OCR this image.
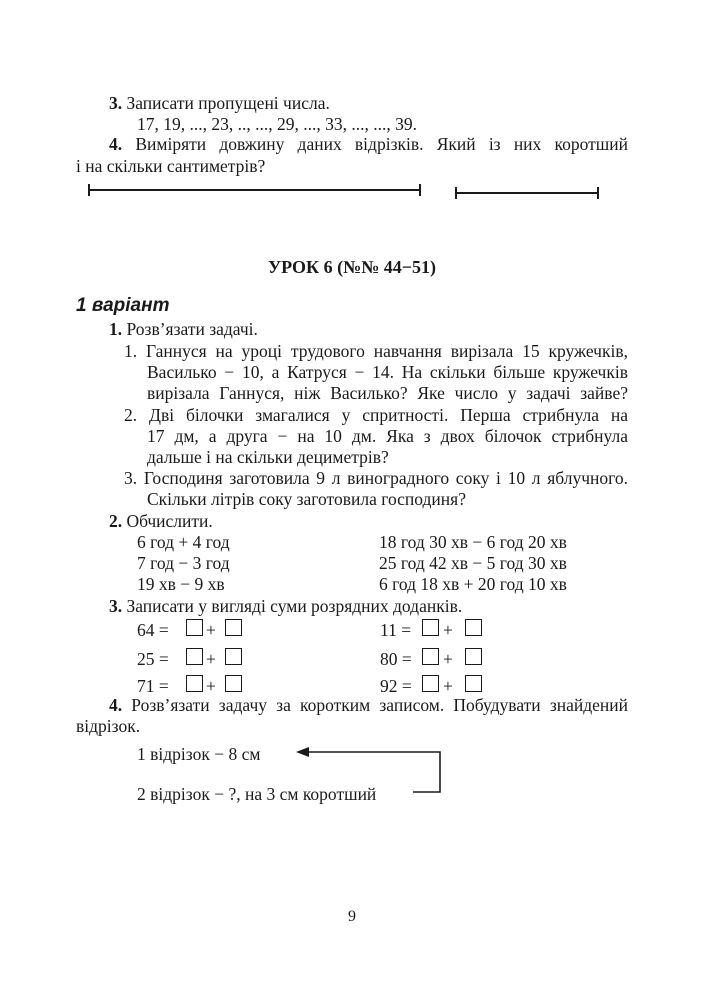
3. Записати пропущені числа.
17, 19, ..., 23, .., ..., 29, ..., 33, ..., ..., 39.
4. Виміряти довжину даних відрізків. Який із них коротший
і на скільки сантиметрів?
УРОК 6 (№№ 44−51)
1 варіант
1. Розв’язати задачі.
1. Ганнуся на уроці трудового навчання вирізала 15 кружечків,
Василько − 10, а Катруся − 14. На скільки більше кружечків
вирізала Ганнуся, ніж Василько? Яке число у задачі зайве?
2. Дві білочки змагалися у спритності. Перша стрибнула на
17 дм, а друга − на 10 дм. Яка з двох білочок стрибнула
дальше і на скільки дециметрів?
3. Господиня заготовила 9 л виноградного соку і 10 л яблучного.
Скільки літрів соку заготовила господиня?
2. Обчислити.
6 год + 4 год
7 год − 3 год
19 хв − 9 хв
18 год 30 хв − 6 год 20 хв
25 год 42 хв − 5 год 30 хв
6 год 18 хв + 20 год 10 хв
3. Записати у вигляді суми розрядних доданків.
64 = +
25 = +
71 = +
11 = +
80 = +
92 = +
4. Розв’язати задачу за коротким записом. Побудувати знайдений
відрізок.
1 відрізок − 8 см
2 відрізок − ?, на 3 см коротший
9
